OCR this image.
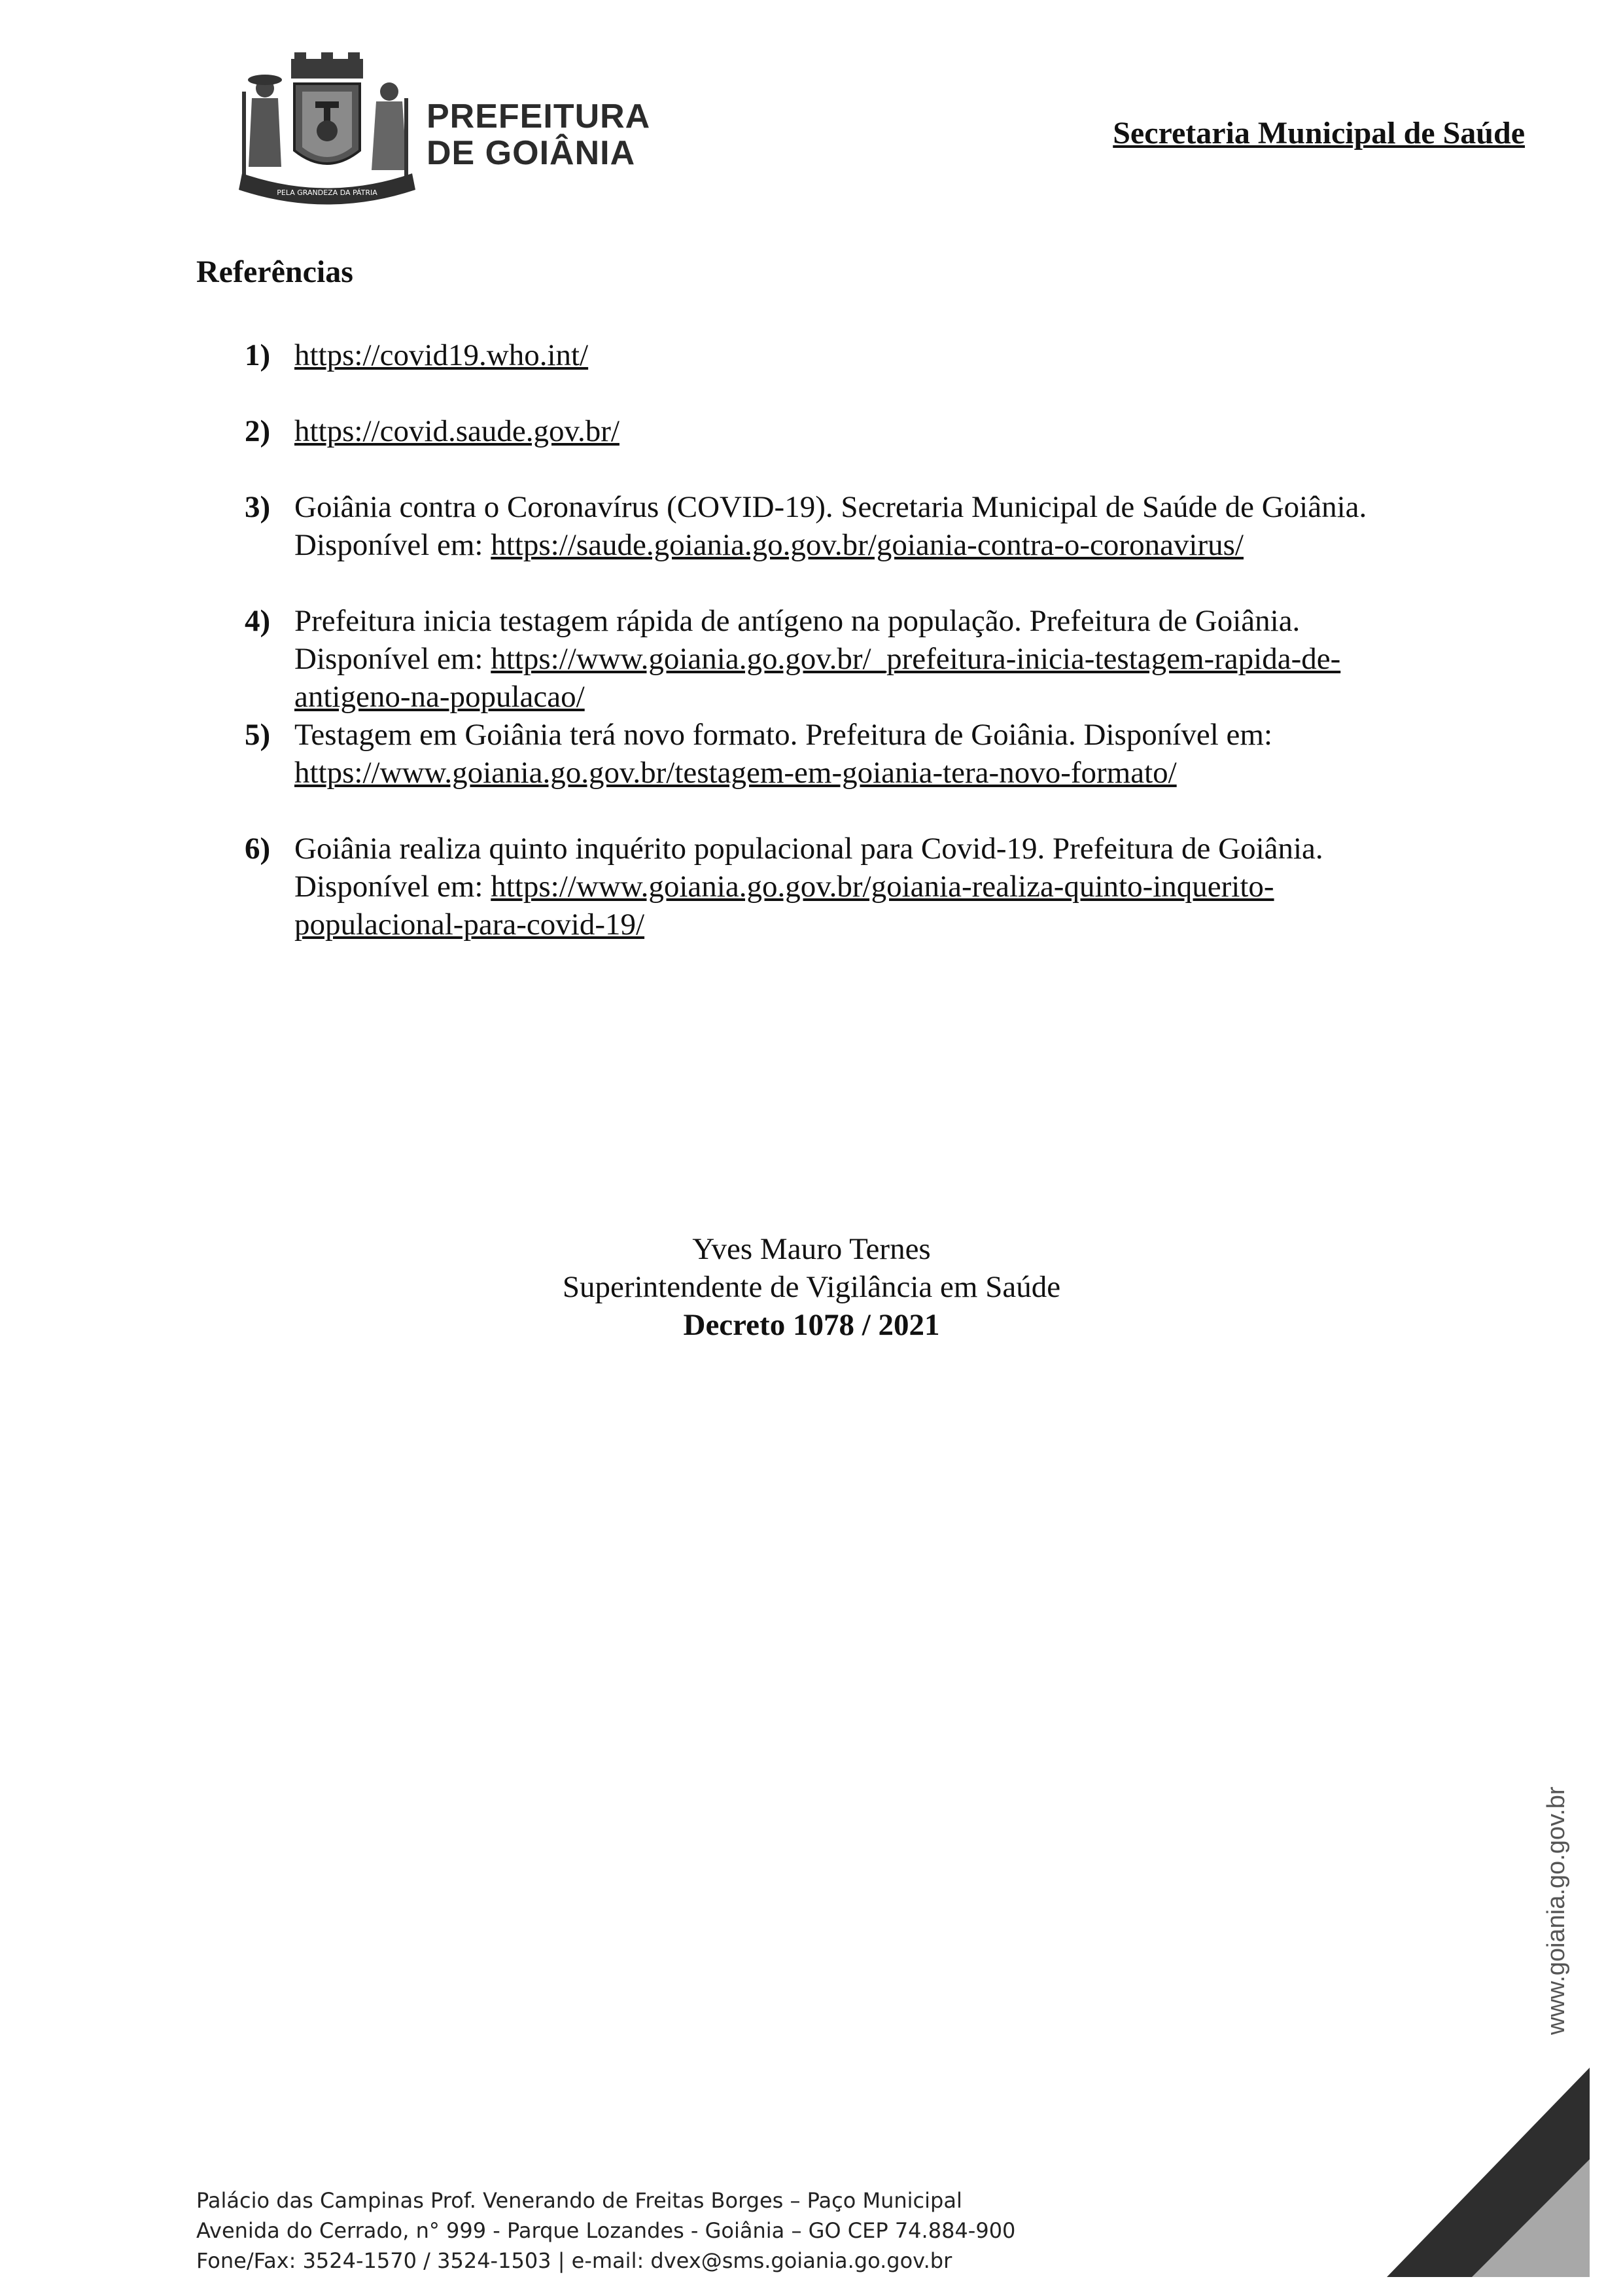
PELA GRANDEZA DA PÁTRIA
PREFEITURA
DE GOIÂNIA
Secretaria Municipal de Saúde
Referências
1) https://covid19.who.int/
2) https://covid.saude.gov.br/
3) Goiânia contra o Coronavírus (COVID-19). Secretaria Municipal de Saúde de Goiânia.
Disponível em: https://saude.goiania.go.gov.br/goiania-contra-o-coronavirus/
4) Prefeitura inicia testagem rápida de antígeno na população. Prefeitura de Goiânia.
Disponível em: https://www.goiania.go.gov.br/_prefeitura-inicia-testagem-rapida-de-
antigeno-na-populacao/
5) Testagem em Goiânia terá novo formato. Prefeitura de Goiânia. Disponível em:
https://www.goiania.go.gov.br/testagem-em-goiania-tera-novo-formato/
6) Goiânia realiza quinto inquérito populacional para Covid-19. Prefeitura de Goiânia.
Disponível em: https://www.goiania.go.gov.br/goiania-realiza-quinto-inquerito-
populacional-para-covid-19/
Yves Mauro Ternes
Superintendente de Vigilância em Saúde
Decreto 1078 / 2021
www.goiania.go.gov.br
Palácio das Campinas Prof. Venerando de Freitas Borges – Paço Municipal
Avenida do Cerrado, n° 999 - Parque Lozandes - Goiânia – GO CEP 74.884-900
Fone/Fax: 3524-1570 / 3524-1503 | e-mail: dvex@sms.goiania.go.gov.br
